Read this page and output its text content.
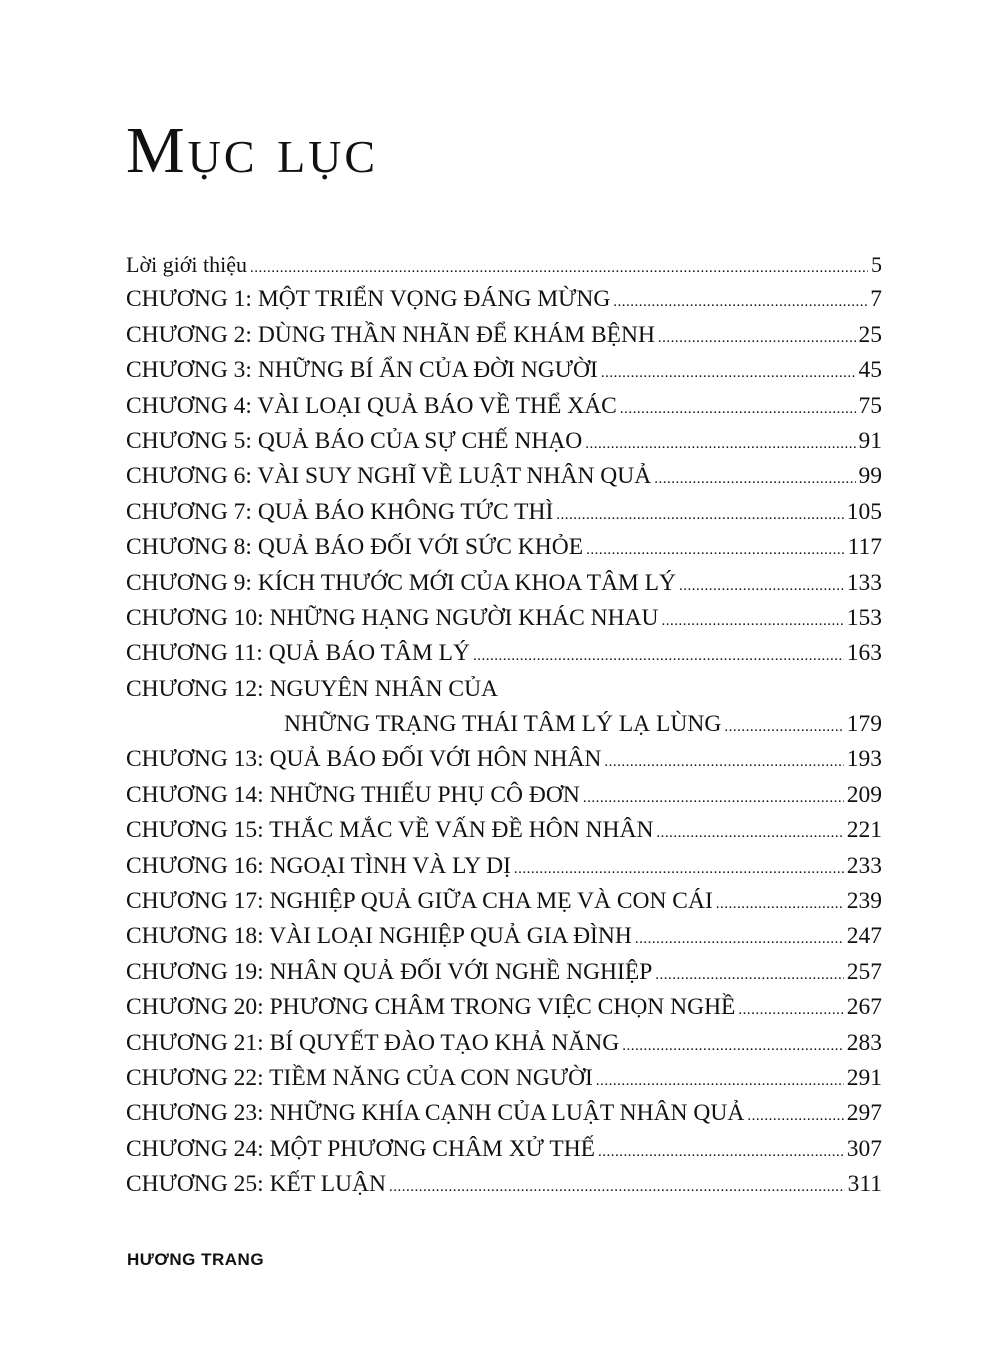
Mục lục
Lời giới thiệu .....	5
CHƯƠNG 1: MỘT TRIỂN VỌNG ĐÁNG MỪNG .....	7
CHƯƠNG 2: DÙNG THẦN NHÃN ĐỂ KHÁM BỆNH .....	25
CHƯƠNG 3: NHỮNG BÍ ẨN CỦA ĐỜI NGƯỜI .....	45
CHƯƠNG 4: VÀI LOẠI QUẢ BÁO VỀ THỂ XÁC .....	75
CHƯƠNG 5: QUẢ BÁO CỦA SỰ CHẾ NHẠO .....	91
CHƯƠNG 6: VÀI SUY NGHĨ VỀ LUẬT NHÂN QUẢ .....	99
CHƯƠNG 7: QUẢ BÁO KHÔNG TỨC THÌ .....	105
CHƯƠNG 8: QUẢ BÁO ĐỐI VỚI SỨC KHỎE .....	117
CHƯƠNG 9: KÍCH THƯỚC MỚI CỦA KHOA TÂM LÝ .....	133
CHƯƠNG 10: NHỮNG HẠNG NGƯỜI KHÁC NHAU .....	153
CHƯƠNG 11: QUẢ BÁO TÂM LÝ .....	163
CHƯƠNG 12: NGUYÊN NHÂN CỦA
NHỮNG TRẠNG THÁI TÂM LÝ LẠ LÙNG .....	179
CHƯƠNG 13: QUẢ BÁO ĐỐI VỚI HÔN NHÂN .....	193
CHƯƠNG 14: NHỮNG THIẾU PHỤ CÔ ĐƠN .....	209
CHƯƠNG 15: THẮC MẮC VỀ VẤN ĐỀ HÔN NHÂN .....	221
CHƯƠNG 16: NGOẠI TÌNH VÀ LY DỊ .....	233
CHƯƠNG 17: NGHIỆP QUẢ GIỮA CHA MẸ VÀ CON CÁI .....	239
CHƯƠNG 18: VÀI LOẠI NGHIỆP QUẢ GIA ĐÌNH .....	247
CHƯƠNG 19: NHÂN QUẢ ĐỐI VỚI NGHỀ NGHIỆP .....	257
CHƯƠNG 20: PHƯƠNG CHÂM TRONG VIỆC CHỌN NGHỀ .....	267
CHƯƠNG 21: BÍ QUYẾT ĐÀO TẠO KHẢ NĂNG .....	283
CHƯƠNG 22: TIỀM NĂNG CỦA CON NGƯỜI .....	291
CHƯƠNG 23: NHỮNG KHÍA CẠNH CỦA LUẬT NHÂN QUẢ .....	297
CHƯƠNG 24: MỘT PHƯƠNG CHÂM XỬ THẾ .....	307
CHƯƠNG 25: KẾT LUẬN .....	311

HƯƠNG TRANG
